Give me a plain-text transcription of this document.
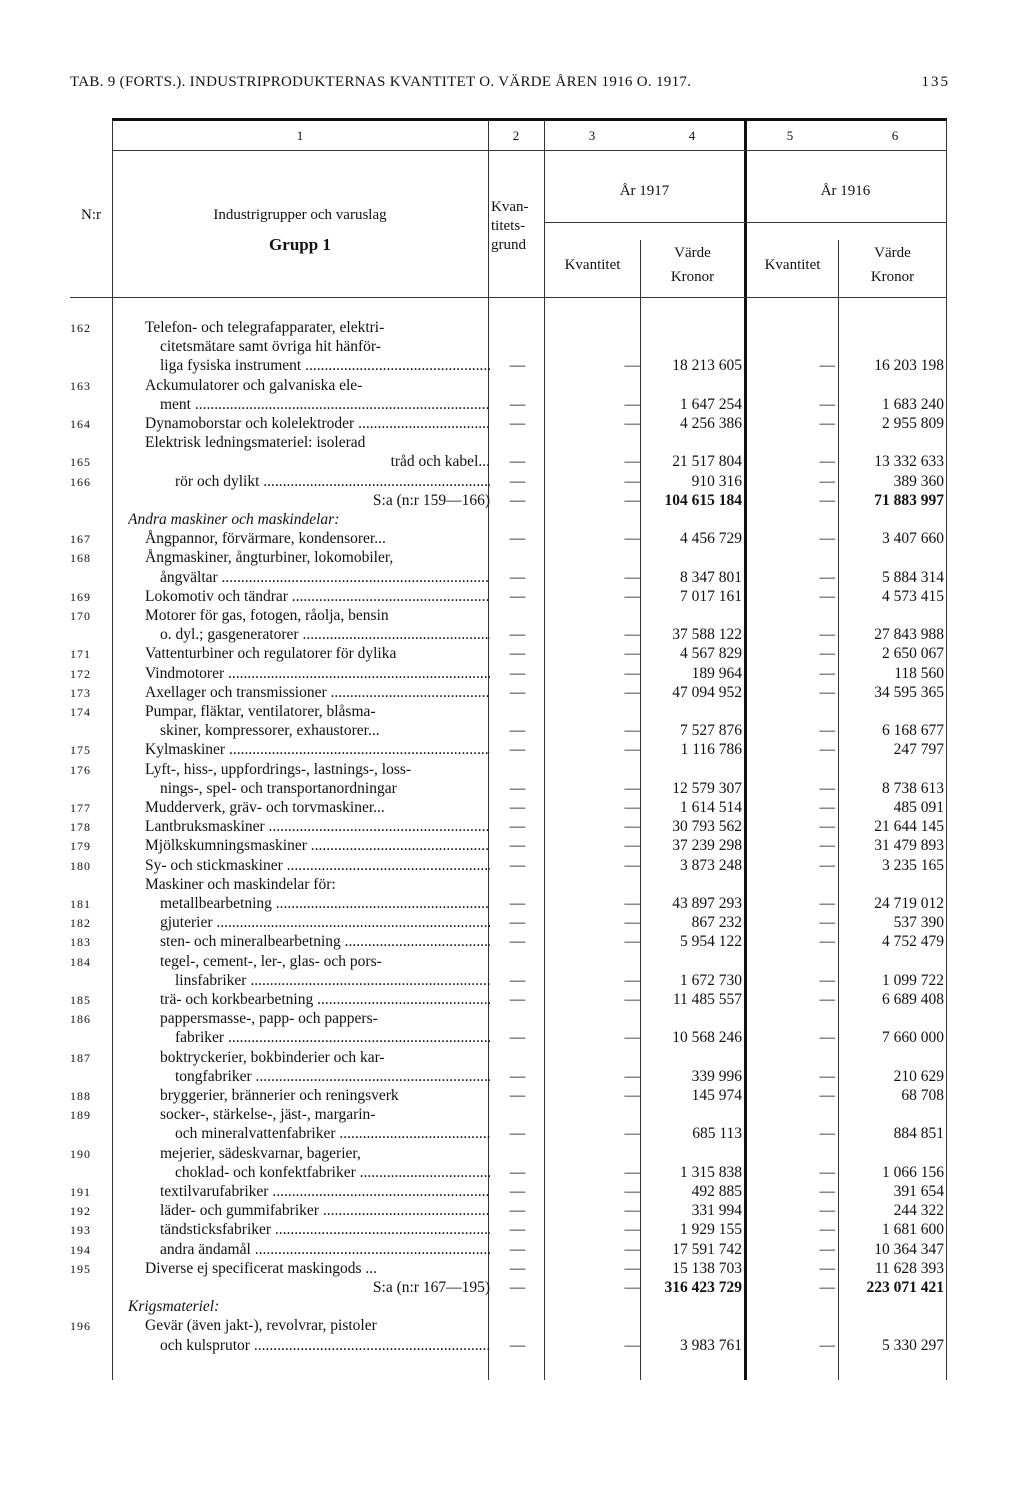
TAB. 9 (FORTS.). INDUSTRIPRODUKTERNAS KVANTITET O. VÄRDE ÅREN 1916 O. 1917.	135
1	2	3	4	5	6
N:r	Industrigrupper och varuslag
Grupp 1
Kvan-
titets-
grund
År 1917	År 1916
Kvantitet
Värde
Kronor
Kvantitet
Värde
Kronor
162	Telefon- och telegrafapparater, elektri-
citetsmätare samt övriga hit hänför-
liga fysiska instrument .....	—	—	18 213 605	—	16 203 198
163	Ackumulatorer och galvaniska ele-
ment .....	—	—	1 647 254	—	1 683 240
164	Dynamoborstar och kolelektroder .....	—	—	4 256 386	—	2 955 809
Elektrisk ledningsmateriel: isolerad
165	tråd och kabel...	—	—	21 517 804	—	13 332 633
166	rör och dylikt .....	—	—	910 316	—	389 360
S:a (n:r 159—166)	—	—	104 615 184	—	71 883 997
Andra maskiner och maskindelar:
167	Ångpannor, förvärmare, kondensorer...	—	—	4 456 729	—	3 407 660
168	Ångmaskiner, ångturbiner, lokomobiler,
ångvältar .....	—	—	8 347 801	—	5 884 314
169	Lokomotiv och tändrar .....	—	—	7 017 161	—	4 573 415
170	Motorer för gas, fotogen, råolja, bensin
o. dyl.; gasgeneratorer .....	—	—	37 588 122	—	27 843 988
171	Vattenturbiner och regulatorer för dylika	—	—	4 567 829	—	2 650 067
172	Vindmotorer .....	—	—	189 964	—	118 560
173	Axellager och transmissioner .....	—	—	47 094 952	—	34 595 365
174	Pumpar, fläktar, ventilatorer, blåsma-
skiner, kompressorer, exhaustorer...	—	—	7 527 876	—	6 168 677
175	Kylmaskiner .....	—	—	1 116 786	—	247 797
176	Lyft-, hiss-, uppfordrings-, lastnings-, loss-
nings-, spel- och transportanordningar	—	—	12 579 307	—	8 738 613
177	Mudderverk, gräv- och torvmaskiner...	—	—	1 614 514	—	485 091
178	Lantbruksmaskiner .....	—	—	30 793 562	—	21 644 145
179	Mjölkskumningsmaskiner .....	—	—	37 239 298	—	31 479 893
180	Sy- och stickmaskiner .....	—	—	3 873 248	—	3 235 165
Maskiner och maskindelar för:
181	metallbearbetning .....	—	—	43 897 293	—	24 719 012
182	gjuterier .....	—	—	867 232	—	537 390
183	sten- och mineralbearbetning .....	—	—	5 954 122	—	4 752 479
184	tegel-, cement-, ler-, glas- och pors-
linsfabriker .....	—	—	1 672 730	—	1 099 722
185	trä- och korkbearbetning .....	—	—	11 485 557	—	6 689 408
186	pappersmasse-, papp- och pappers-
fabriker .....	—	—	10 568 246	—	7 660 000
187	boktryckerier, bokbinderier och kar-
tongfabriker .....	—	—	339 996	—	210 629
188	bryggerier, brännerier och reningsverk	—	—	145 974	—	68 708
189	socker-, stärkelse-, jäst-, margarin-
och mineralvattenfabriker .....	—	—	685 113	—	884 851
190	mejerier, sädeskvarnar, bagerier,
choklad- och konfektfabriker .....	—	—	1 315 838	—	1 066 156
191	textilvarufabriker .....	—	—	492 885	—	391 654
192	läder- och gummifabriker .....	—	—	331 994	—	244 322
193	tändsticksfabriker .....	—	—	1 929 155	—	1 681 600
194	andra ändamål .....	—	—	17 591 742	—	10 364 347
195	Diverse ej specificerat maskingods ...	—	—	15 138 703	—	11 628 393
S:a (n:r 167—195)	—	—	316 423 729	—	223 071 421
Krigsmateriel:
196	Gevär (även jakt-), revolvrar, pistoler
och kulsprutor .....	—	—	3 983 761	—	5 330 297
